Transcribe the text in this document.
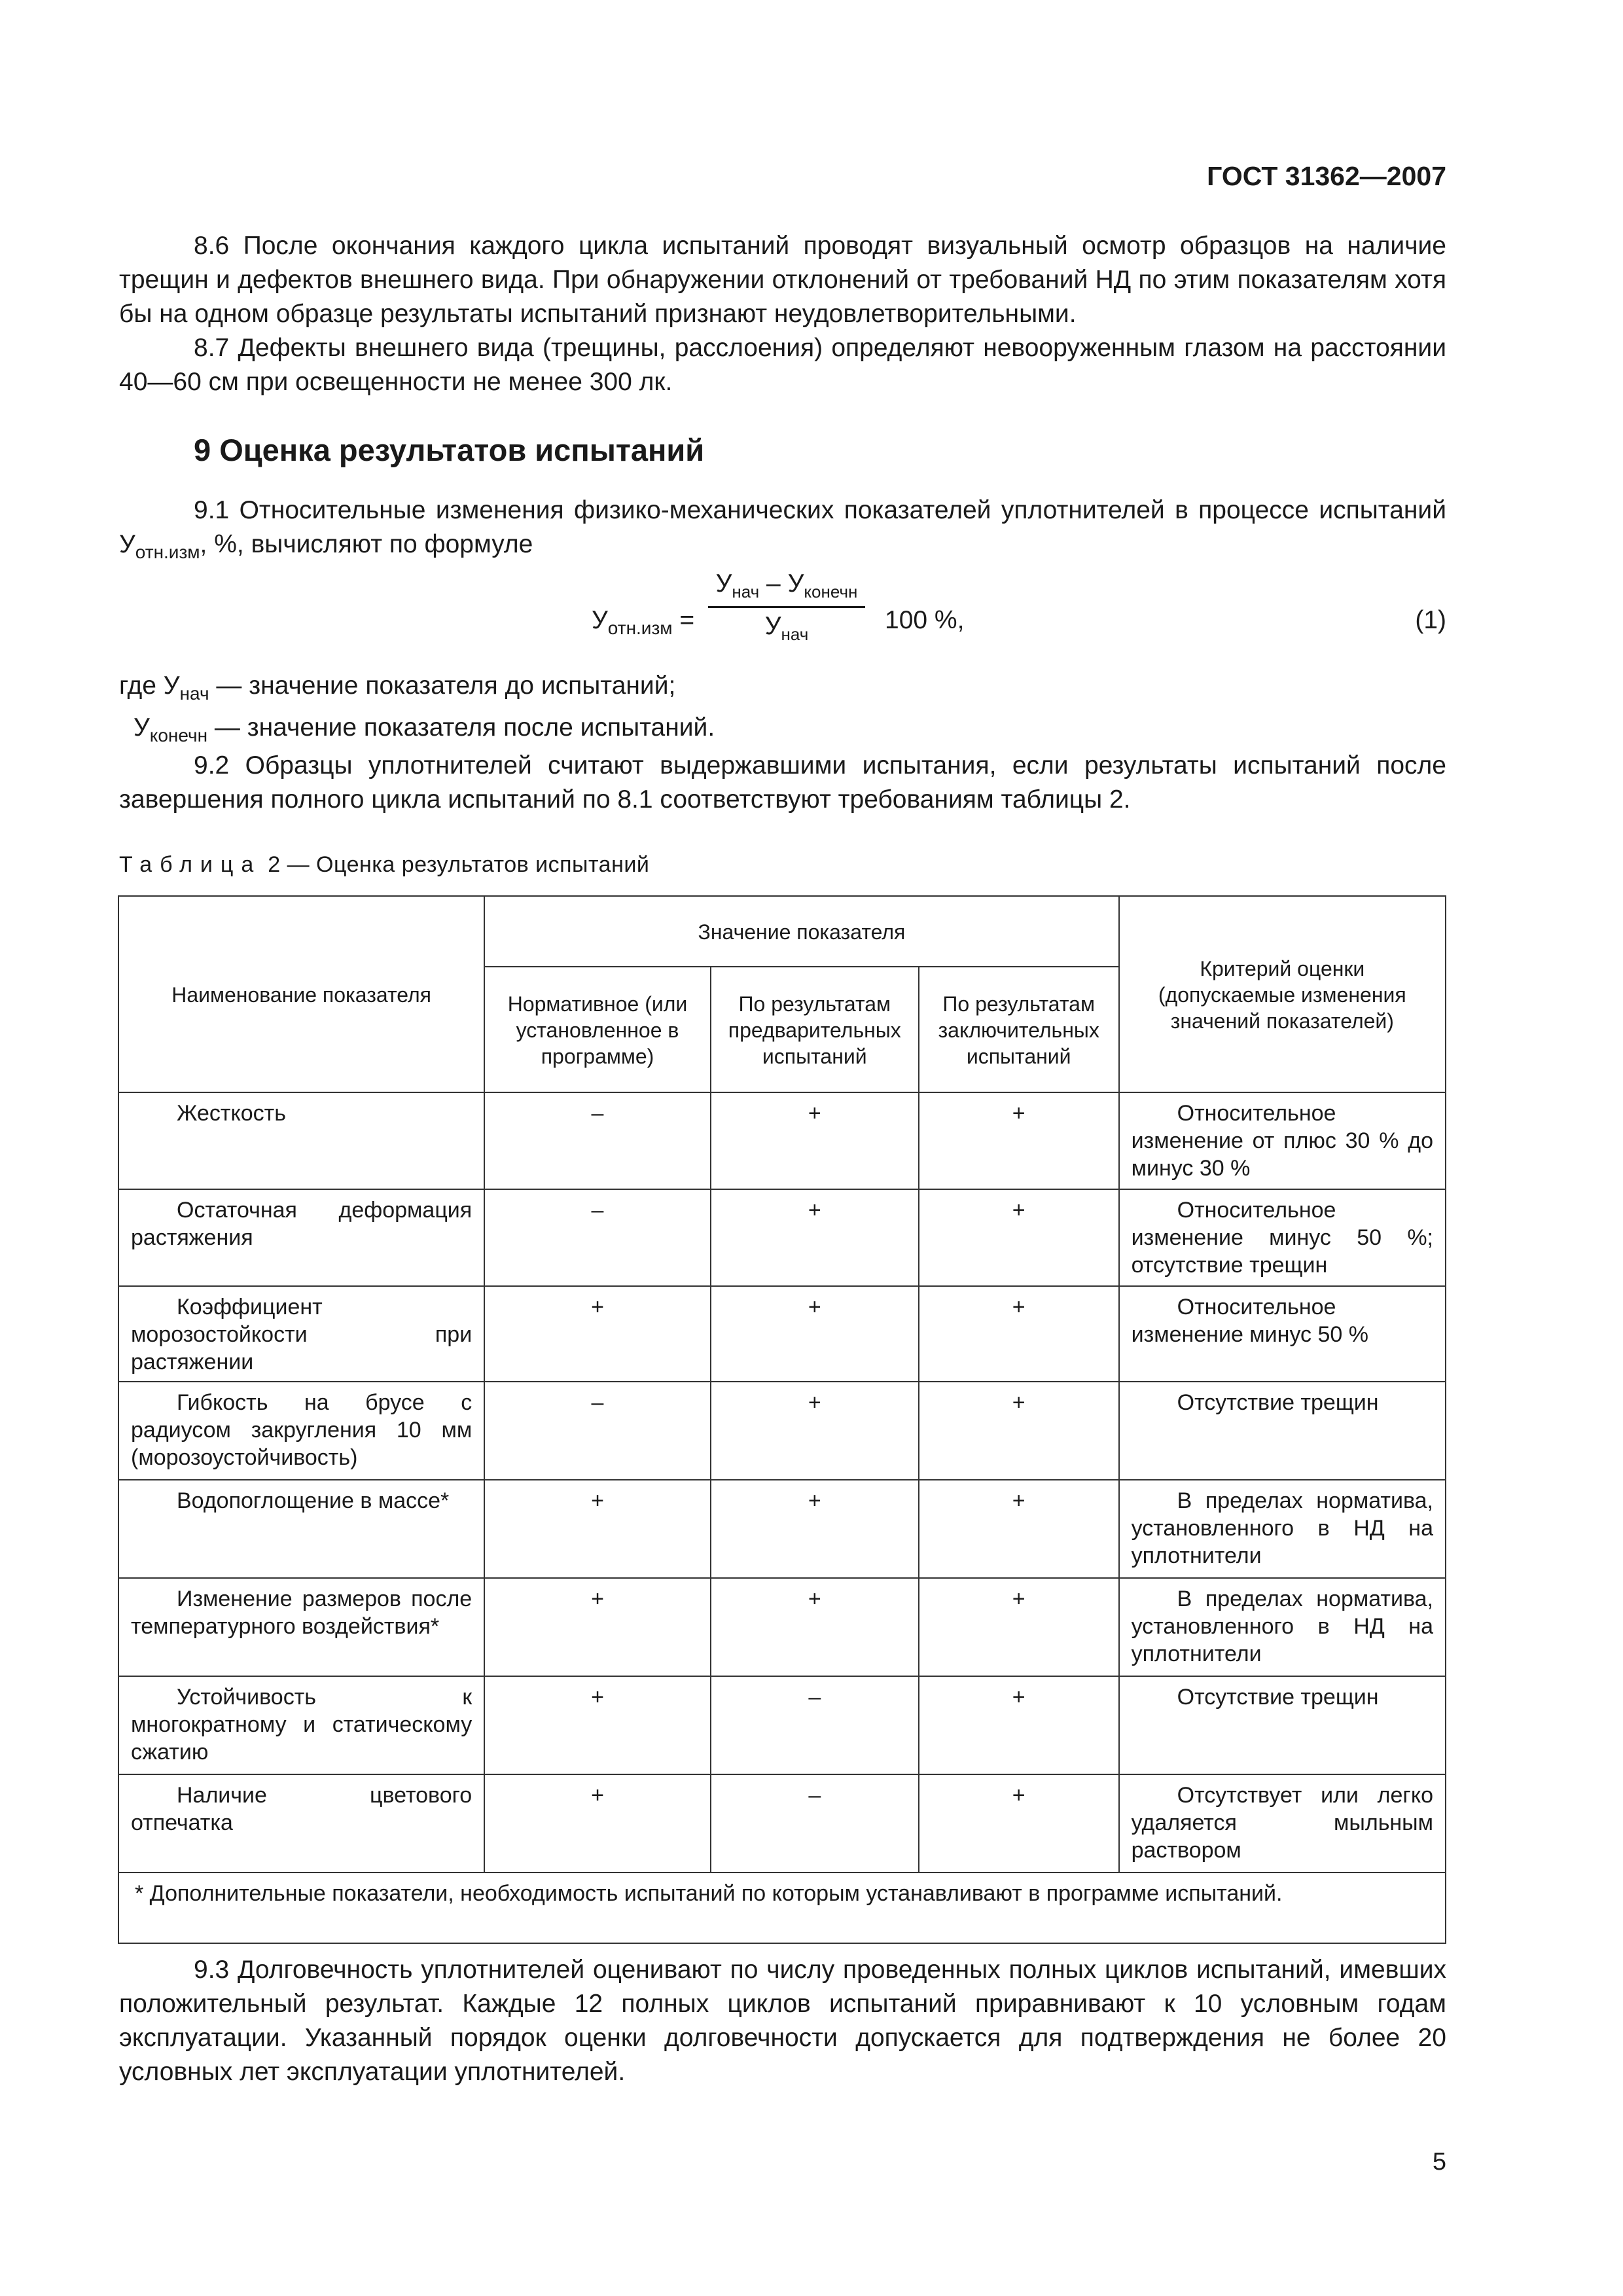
ГОСТ 31362—2007

8.6 После окончания каждого цикла испытаний проводят визуальный осмотр образцов на наличие трещин и дефектов внешнего вида. При обнаружении отклонений от требований НД по этим показателям хотя бы на одном образце результаты испытаний признают неудовлетворительными.

8.7 Дефекты внешнего вида (трещины, расслоения) определяют невооруженным глазом на расстоянии 40—60 см при освещенности не менее 300 лк.

9 Оценка результатов испытаний

9.1 Относительные изменения физико-механических показателей уплотнителей в процессе испытаний $У_{отн.изм}$, %, вычисляют по формуле

$У_{отн.изм}$ =
$У_{нач} - У_{конечн}$
$У_{нач}$	100 %,	(1)
где $У_{нач}$ — значение показателя до испытаний;
$У_{конечн}$ — значение показателя после испытаний.

9.2 Образцы уплотнителей считают выдержавшими испытания, если результаты испытаний после завершения полного цикла испытаний по 8.1 соответствуют требованиям таблицы 2.

Таблица 2 — Оценка результатов испытаний
Наименование показателя	Значение показателя			Критерий оценки (допускаемые изменения значений показателей)
	Нормативное (или установленное в программе)	По результатам предварительных испытаний	По результатам заключительных испытаний	
Жесткость	–	+	+	Относительное изменение от плюс 30 % до минус 30 %
Остаточная деформация растяжения	–	+	+	Относительное изменение минус 50 %; отсутствие трещин
Коэффициент морозостойкости при растяжении	+	+	+	Относительное изменение минус 50 %
Гибкость на брусе с радиусом закругления 10 мм (морозоустойчивость)	–	+	+	Отсутствие трещин
Водопоглощение в массе*	+	+	+	В пределах норматива, установленного в НД на уплотнители
Изменение размеров после температурного воздействия*	+	+	+	В пределах норматива, установленного в НД на уплотнители
Устойчивость к многократному и статическому сжатию	+	–	+	Отсутствие трещин
Наличие цветового отпечатка	+	–	+	Отсутствует или легко удаляется мыльным раствором
* Дополнительные показатели, необходимость испытаний по которым устанавливают в программе испытаний.				

9.3 Долговечность уплотнителей оценивают по числу проведенных полных циклов испытаний, имевших положительный результат. Каждые 12 полных циклов испытаний приравнивают к 10 условным годам эксплуатации. Указанный порядок оценки долговечности допускается для подтверждения не более 20 условных лет эксплуатации уплотнителей.

5
